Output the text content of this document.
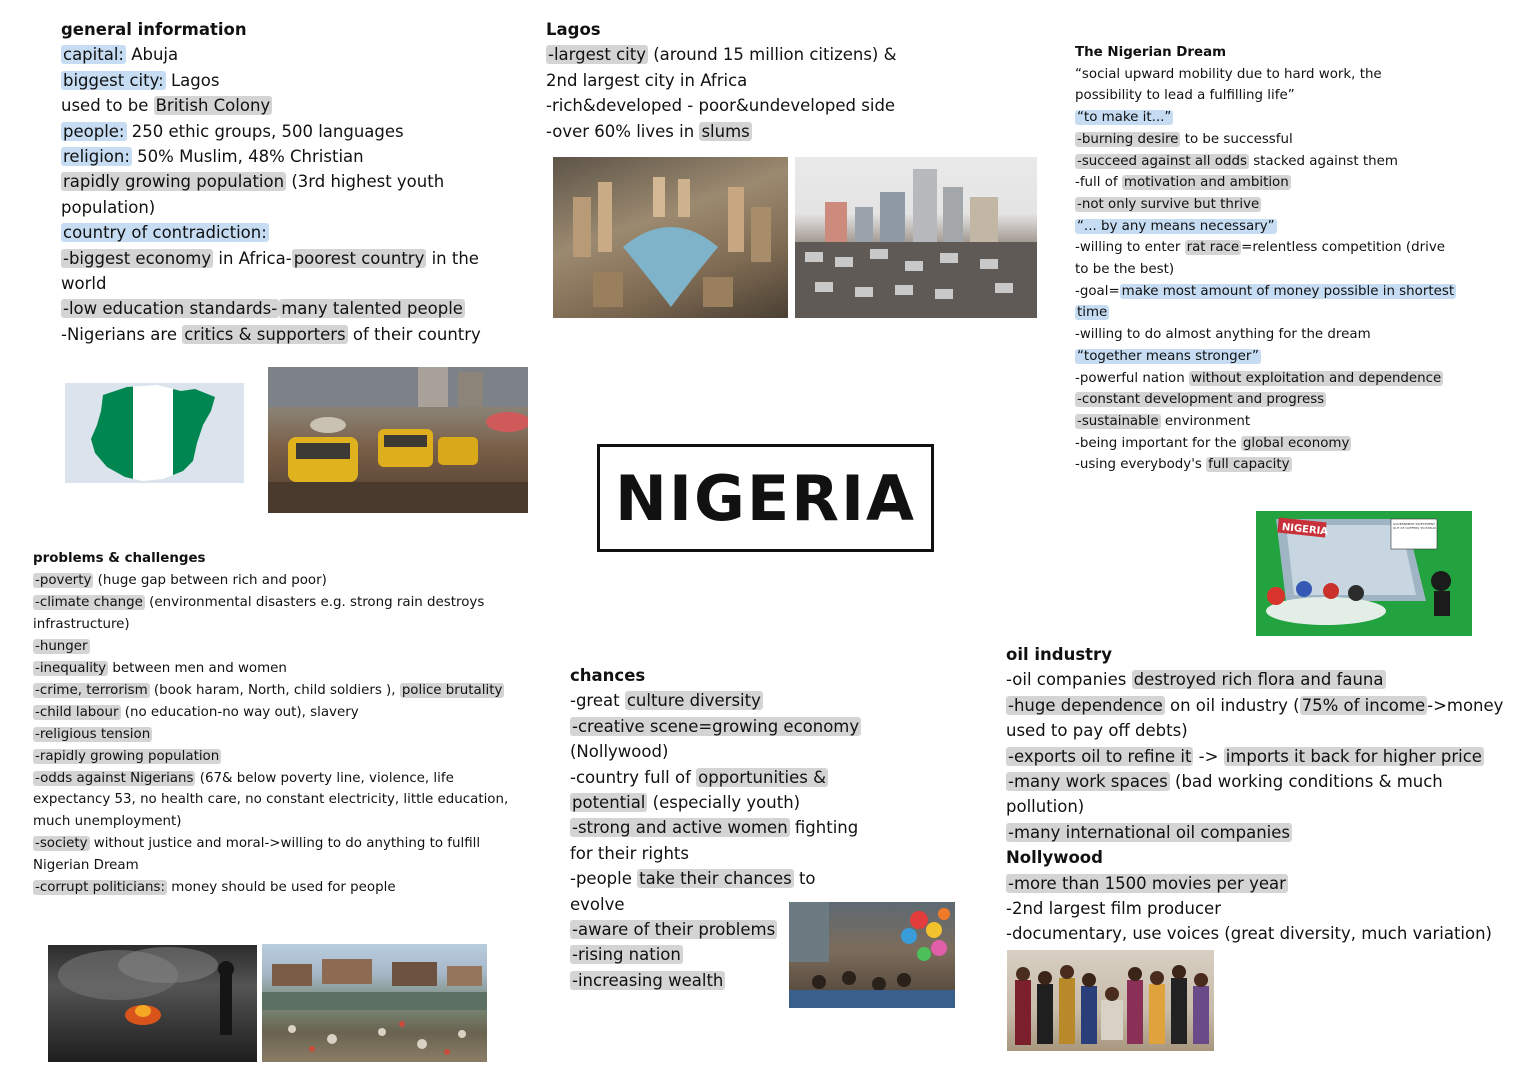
general information
capital: Abuja
biggest city: Lagos
used to be British Colony
people: 250 ethic groups, 500 languages
religion: 50% Muslim, 48% Christian
rapidly growing population (3rd highest youth
population)
country of contradiction:
-biggest economy in Africa- poorest country in the
world
-low education standards- many talented people
-Nigerians are critics & supporters of their country
Lagos
-largest city (around 15 million citizens) &
2nd largest city in Africa
-rich&developed - poor&undeveloped side
-over 60% lives in slums
NIGERIA
The Nigerian Dream
“social upward mobility due to hard work, the
possibility to lead a fulfilling life”
“to make it...”
-burning desire to be successful
-succeed against all odds stacked against them
-full of motivation and ambition
-not only survive but thrive
“... by any means necessary”
-willing to enter rat race =relentless competition (drive
to be the best)
-goal= make most amount of money possible in shortest
time
-willing to do almost anything for the dream
“together means stronger”
-powerful nation without exploitation and dependence
-constant development and progress
-sustainable environment
-being important for the global economy
-using everybody's full capacity
NIGERIA	GOVERNMENT INVESTMENT OUT OF COFFERS TO EXPLOI
problems & challenges
-poverty (huge gap between rich and poor)
-climate change (environmental disasters e.g. strong rain destroys
infrastructure)
-hunger
-inequality between men and women
-crime, terrorism (book haram, North, child soldiers ), police brutality
-child labour (no education-no way out), slavery
-religious tension
-rapidly growing population
-odds against Nigerians (67& below poverty line, violence, life
expectancy 53, no health care, no constant electricity, little education,
much unemployment)
-society without justice and moral->willing to do anything to fulfill
Nigerian Dream
-corrupt politicians: money should be used for people
chances
-great culture diversity
-creative scene=growing economy
(Nollywood)
-country full of opportunities &
potential (especially youth)
-strong and active women fighting
for their rights
-people take their chances to
evolve
-aware of their problems
-rising nation
-increasing wealth
oil industry
-oil companies destroyed rich flora and fauna
-huge dependence on oil industry ( 75% of income ->money
used to pay off debts)
-exports oil to refine it -> imports it back for higher price
-many work spaces (bad working conditions & much
pollution)
-many international oil companies
Nollywood
-more than 1500 movies per year
-2nd largest film producer
-documentary, use voices (great diversity, much variation)
